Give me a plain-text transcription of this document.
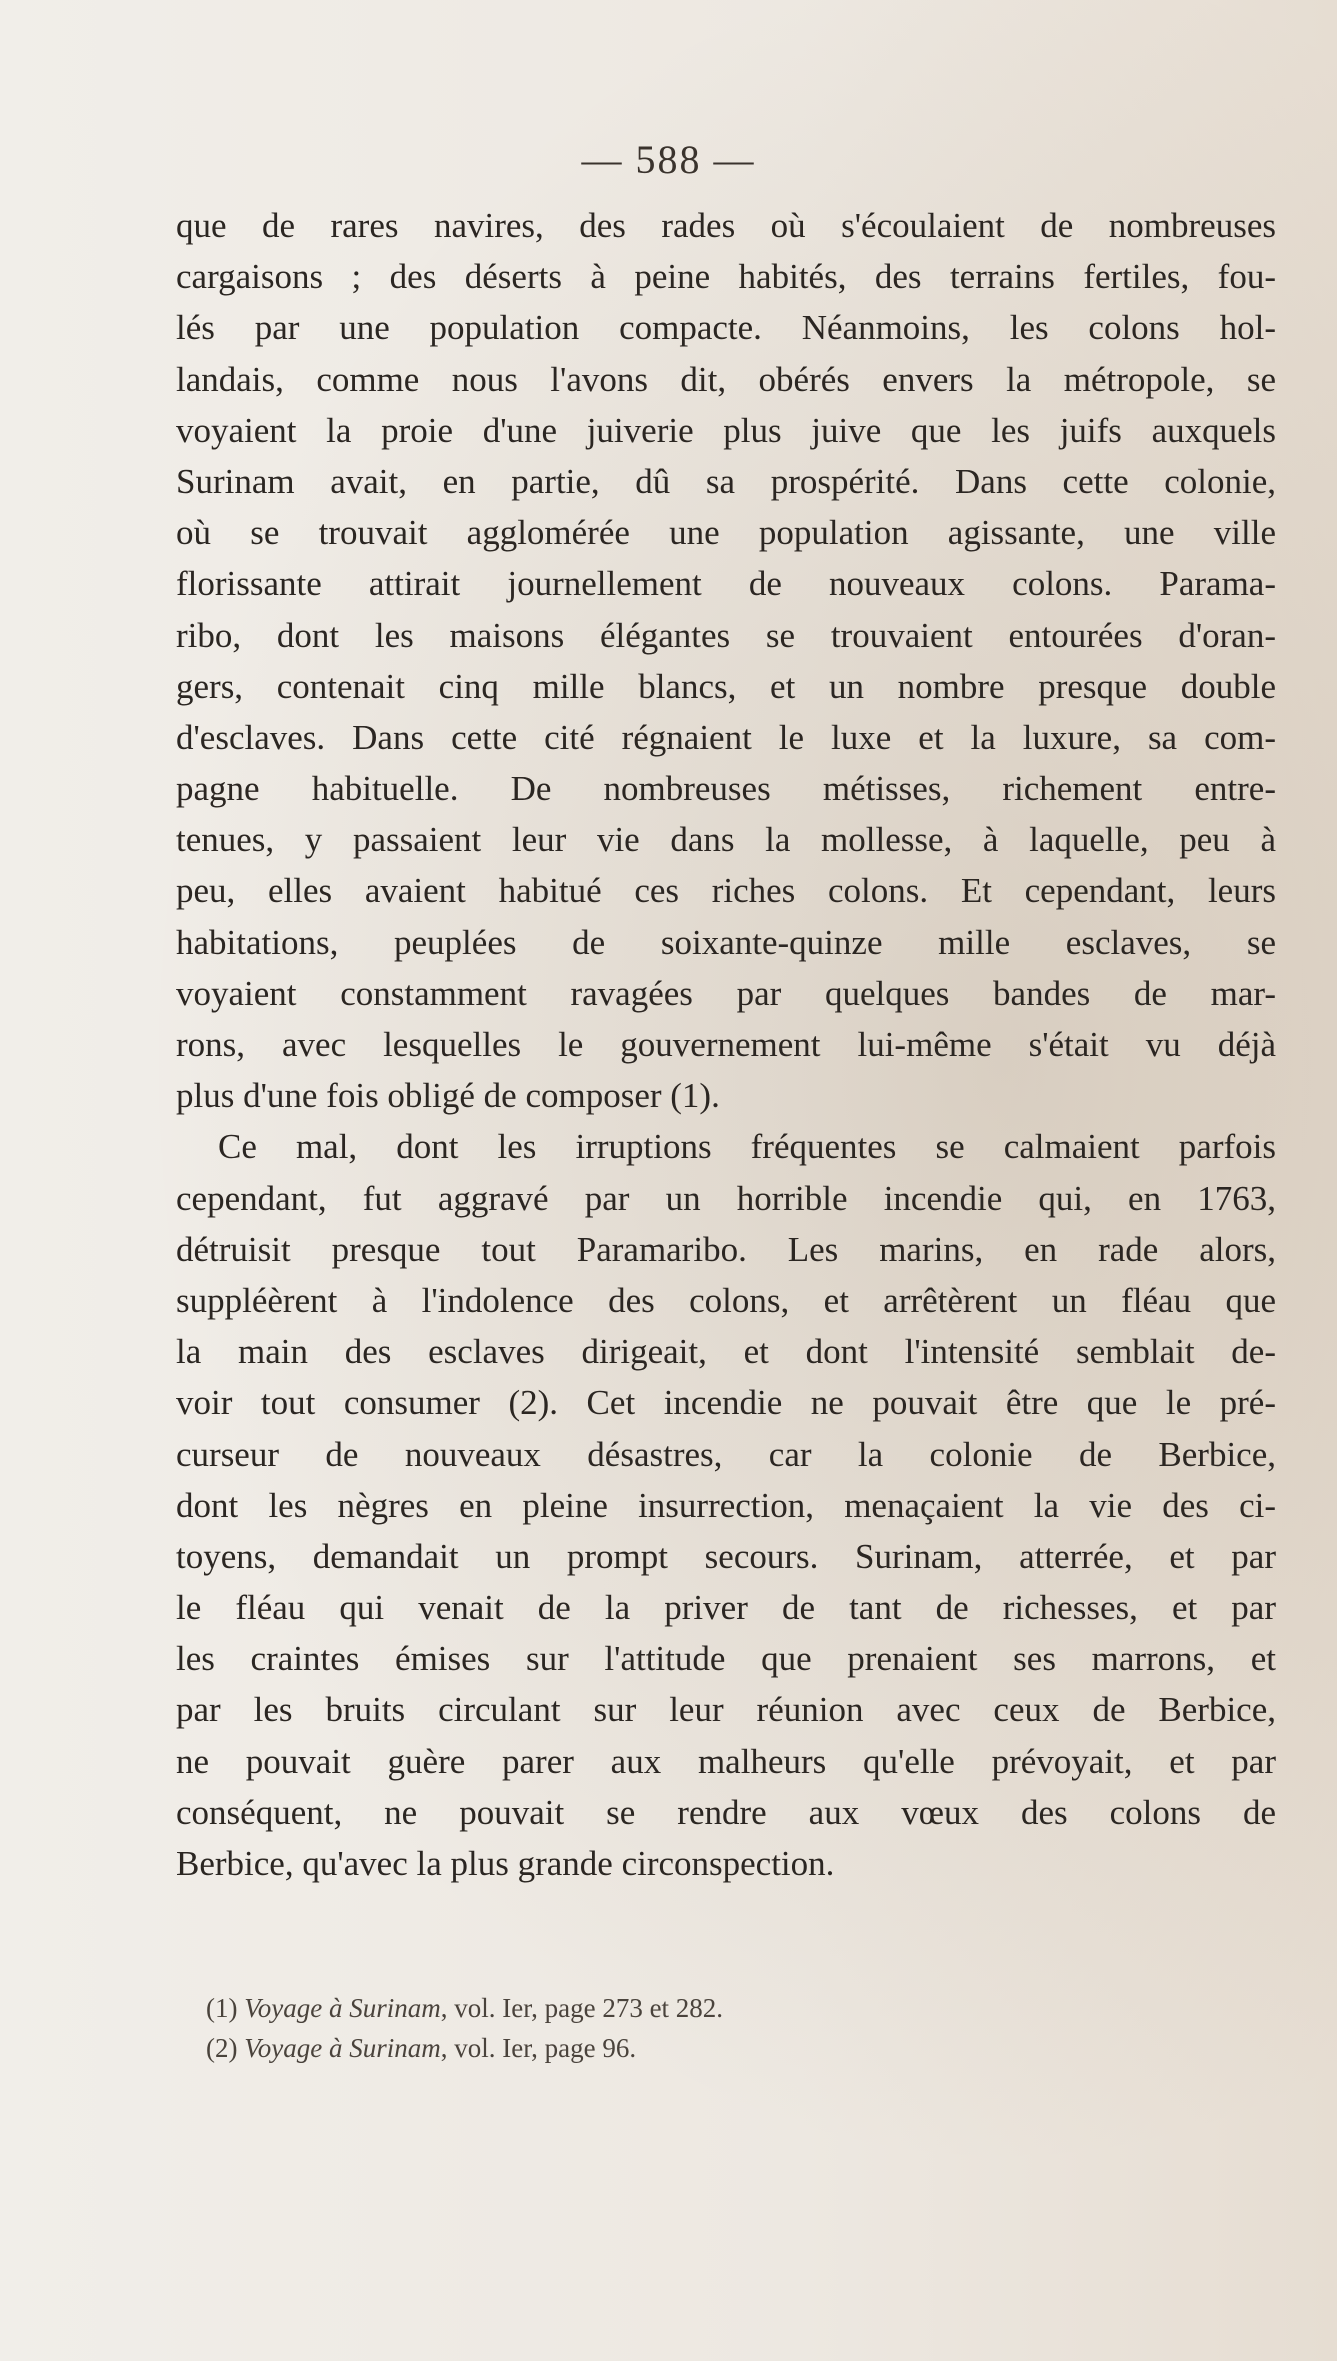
— 588 —
que de rares navires, des rades où s'écoulaient de nombreuses
cargaisons ; des déserts à peine habités, des terrains fertiles, fou-
lés par une population compacte. Néanmoins, les colons hol-
landais, comme nous l'avons dit, obérés envers la métropole, se
voyaient la proie d'une juiverie plus juive que les juifs auxquels
Surinam avait, en partie, dû sa prospérité. Dans cette colonie,
où se trouvait agglomérée une population agissante, une ville
florissante attirait journellement de nouveaux colons. Parama-
ribo, dont les maisons élégantes se trouvaient entourées d'oran-
gers, contenait cinq mille blancs, et un nombre presque double
d'esclaves. Dans cette cité régnaient le luxe et la luxure, sa com-
pagne habituelle. De nombreuses métisses, richement entre-
tenues, y passaient leur vie dans la mollesse, à laquelle, peu à
peu, elles avaient habitué ces riches colons. Et cependant, leurs
habitations, peuplées de soixante-quinze mille esclaves, se
voyaient constamment ravagées par quelques bandes de mar-
rons, avec lesquelles le gouvernement lui-même s'était vu déjà
plus d'une fois obligé de composer (1).
Ce mal, dont les irruptions fréquentes se calmaient parfois
cependant, fut aggravé par un horrible incendie qui, en 1763,
détruisit presque tout Paramaribo. Les marins, en rade alors,
suppléèrent à l'indolence des colons, et arrêtèrent un fléau que
la main des esclaves dirigeait, et dont l'intensité semblait de-
voir tout consumer (2). Cet incendie ne pouvait être que le pré-
curseur de nouveaux désastres, car la colonie de Berbice,
dont les nègres en pleine insurrection, menaçaient la vie des ci-
toyens, demandait un prompt secours. Surinam, atterrée, et par
le fléau qui venait de la priver de tant de richesses, et par
les craintes émises sur l'attitude que prenaient ses marrons, et
par les bruits circulant sur leur réunion avec ceux de Berbice,
ne pouvait guère parer aux malheurs qu'elle prévoyait, et par
conséquent, ne pouvait se rendre aux vœux des colons de
Berbice, qu'avec la plus grande circonspection.
(1) Voyage à Surinam, vol. Ier, page 273 et 282.
(2) Voyage à Surinam, vol. Ier, page 96.
